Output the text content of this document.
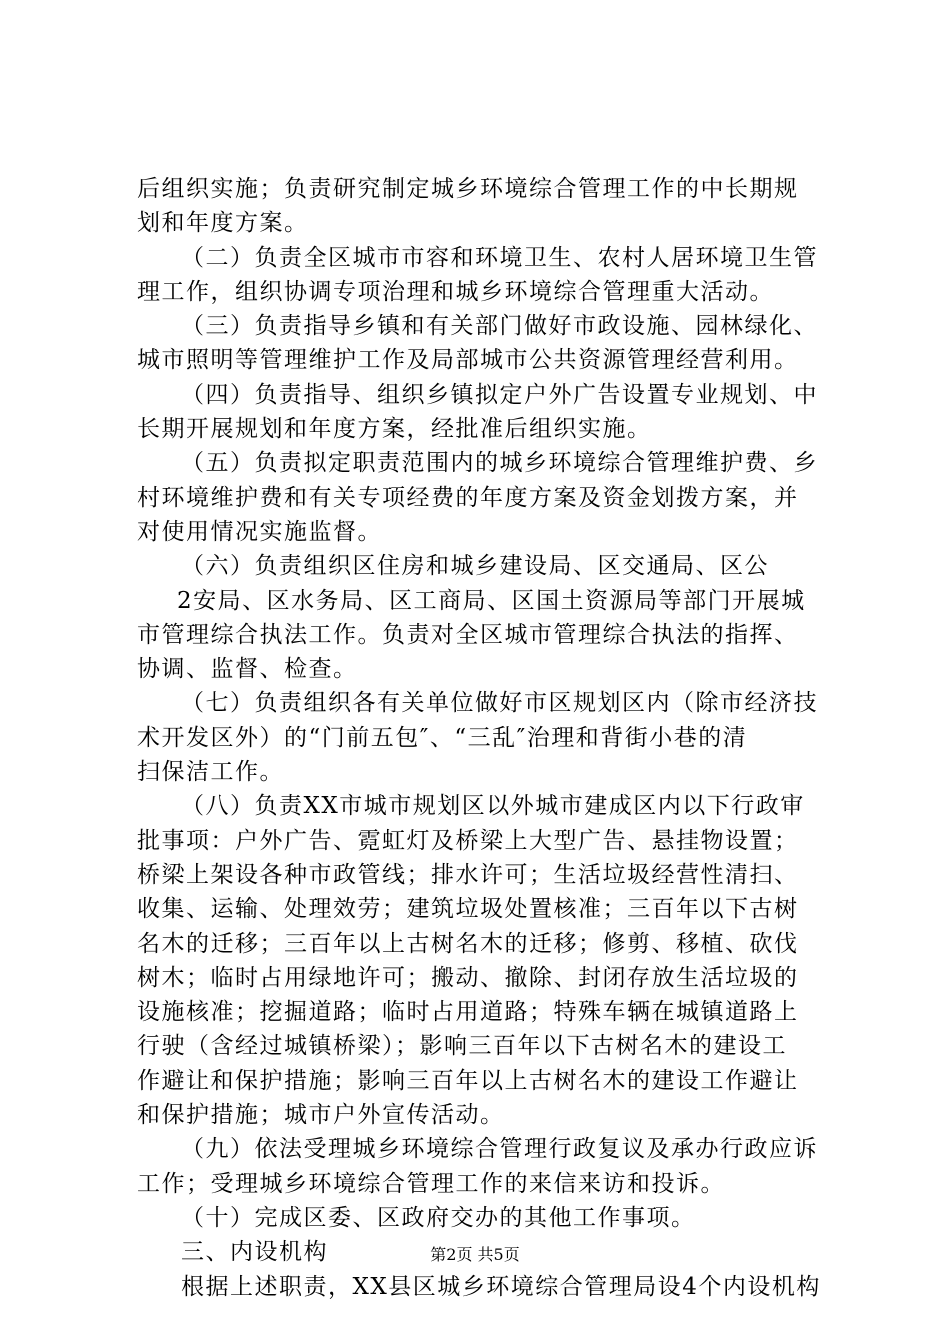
后组织实施；负责研究制定城乡环境综合管理工作的中长期规
划和年度方案。
（二）负责全区城市市容和环境卫生、农村人居环境卫生管
理工作，组织协调专项治理和城乡环境综合管理重大活动。
（三）负责指导乡镇和有关部门做好市政设施、园林绿化、
城市照明等管理维护工作及局部城市公共资源管理经营利用。
（四）负责指导、组织乡镇拟定户外广告设置专业规划、中
长期开展规划和年度方案，经批准后组织实施。
（五）负责拟定职责范围内的城乡环境综合管理维护费、乡
村环境维护费和有关专项经费的年度方案及资金划拨方案，并
对使用情况实施监督。
（六）负责组织区住房和城乡建设局、区交通局、区公
2安局、区水务局、区工商局、区国土资源局等部门开展城
市管理综合执法工作。负责对全区城市管理综合执法的指挥、
协调、监督、检查。
（七）负责组织各有关单位做好市区规划区内（除市经济技
术开发区外）的“门前五包″、“三乱″治理和背街小巷的清
扫保洁工作。
（八）负责XX市城市规划区以外城市建成区内以下行政审
批事项：户外广告、霓虹灯及桥梁上大型广告、悬挂物设置；
桥梁上架设各种市政管线；排水许可；生活垃圾经营性清扫、
收集、运输、处理效劳；建筑垃圾处置核准；三百年以下古树
名木的迁移；三百年以上古树名木的迁移；修剪、移植、砍伐
树木；临时占用绿地许可；搬动、撤除、封闭存放生活垃圾的
设施核准；挖掘道路；临时占用道路；特殊车辆在城镇道路上
行驶（含经过城镇桥梁）；影响三百年以下古树名木的建设工
作避让和保护措施；影响三百年以上古树名木的建设工作避让
和保护措施；城市户外宣传活动。
（九）依法受理城乡环境综合管理行政复议及承办行政应诉
工作；受理城乡环境综合管理工作的来信来访和投诉。
（十）完成区委、区政府交办的其他工作事项。
三、内设机构
根据上述职责，XX县区城乡环境综合管理局设4个内设机构
第2页 共5页
